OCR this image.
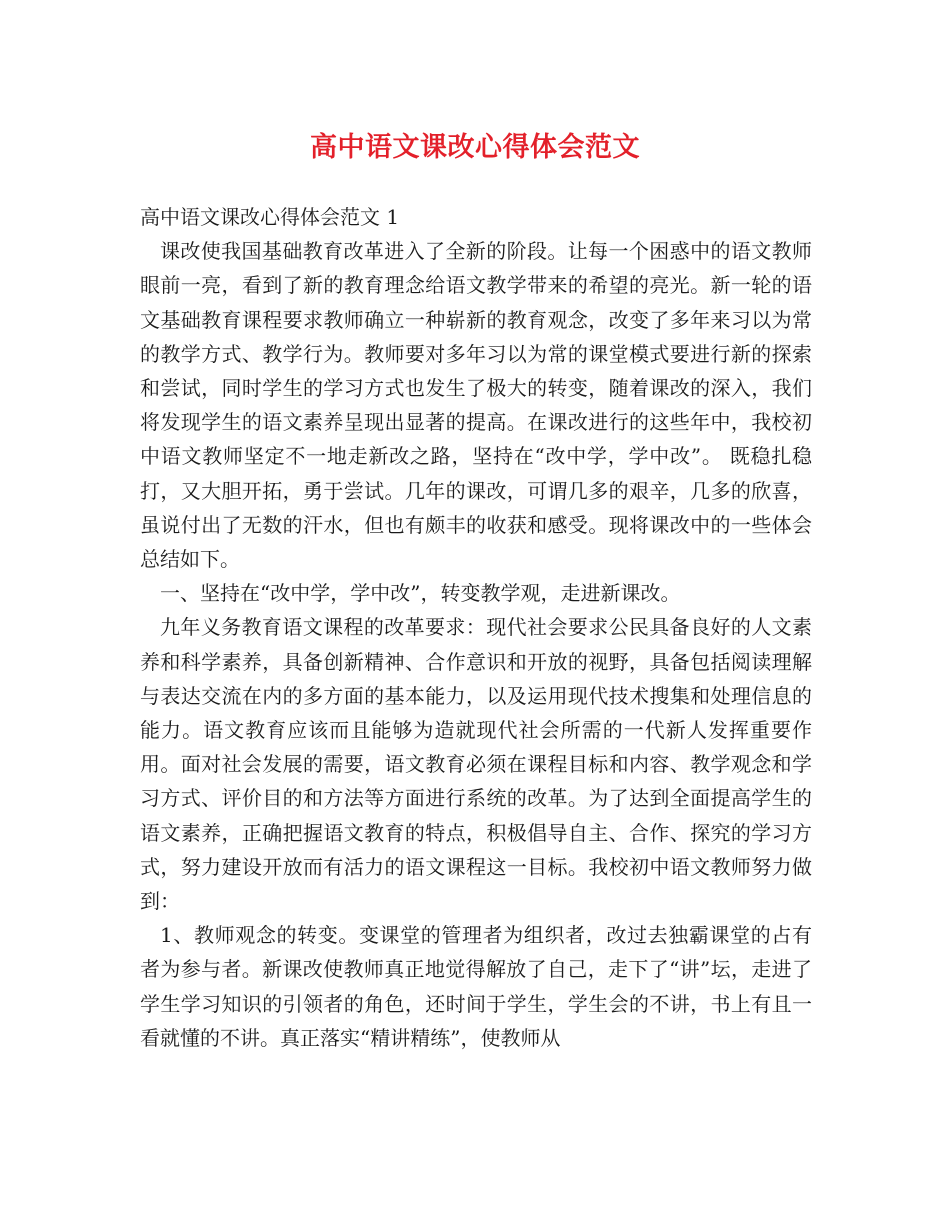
高中语文课改心得体会范文

高中语文课改心得体会范文 1

课改使我国基础教育改革进入了全新的阶段。让每一个困惑中的语文教师眼前一亮，看到了新的教育理念给语文教学带来的希望的亮光。新一轮的语文基础教育课程要求教师确立一种崭新的教育观念，改变了多年来习以为常的教学方式、教学行为。教师要对多年习以为常的课堂模式要进行新的探索和尝试，同时学生的学习方式也发生了极大的转变，随着课改的深入，我们将发现学生的语文素养呈现出显著的提高。在课改进行的这些年中，我校初中语文教师坚定不一地走新改之路，坚持在“改中学，学中改”。 既稳扎稳打，又大胆开拓，勇于尝试。几年的课改，可谓几多的艰辛，几多的欣喜，虽说付出了无数的汗水，但也有颇丰的收获和感受。现将课改中的一些体会总结如下。

一、坚持在“改中学，学中改”，转变教学观，走进新课改。

九年义务教育语文课程的改革要求：现代社会要求公民具备良好的人文素养和科学素养，具备创新精神、合作意识和开放的视野，具备包括阅读理解与表达交流在内的多方面的基本能力，以及运用现代技术搜集和处理信息的能力。语文教育应该而且能够为造就现代社会所需的一代新人发挥重要作用。面对社会发展的需要，语文教育必须在课程目标和内容、教学观念和学习方式、评价目的和方法等方面进行系统的改革。为了达到全面提高学生的语文素养，正确把握语文教育的特点，积极倡导自主、合作、探究的学习方式，努力建设开放而有活力的语文课程这一目标。我校初中语文教师努力做到：

1、教师观念的转变。变课堂的管理者为组织者，改过去独霸课堂的占有者为参与者。新课改使教师真正地觉得解放了自己，走下了“讲”坛，走进了学生学习知识的引领者的角色，还时间于学生，学生会的不讲，书上有且一看就懂的不讲。真正落实“精讲精练”，使教师从
